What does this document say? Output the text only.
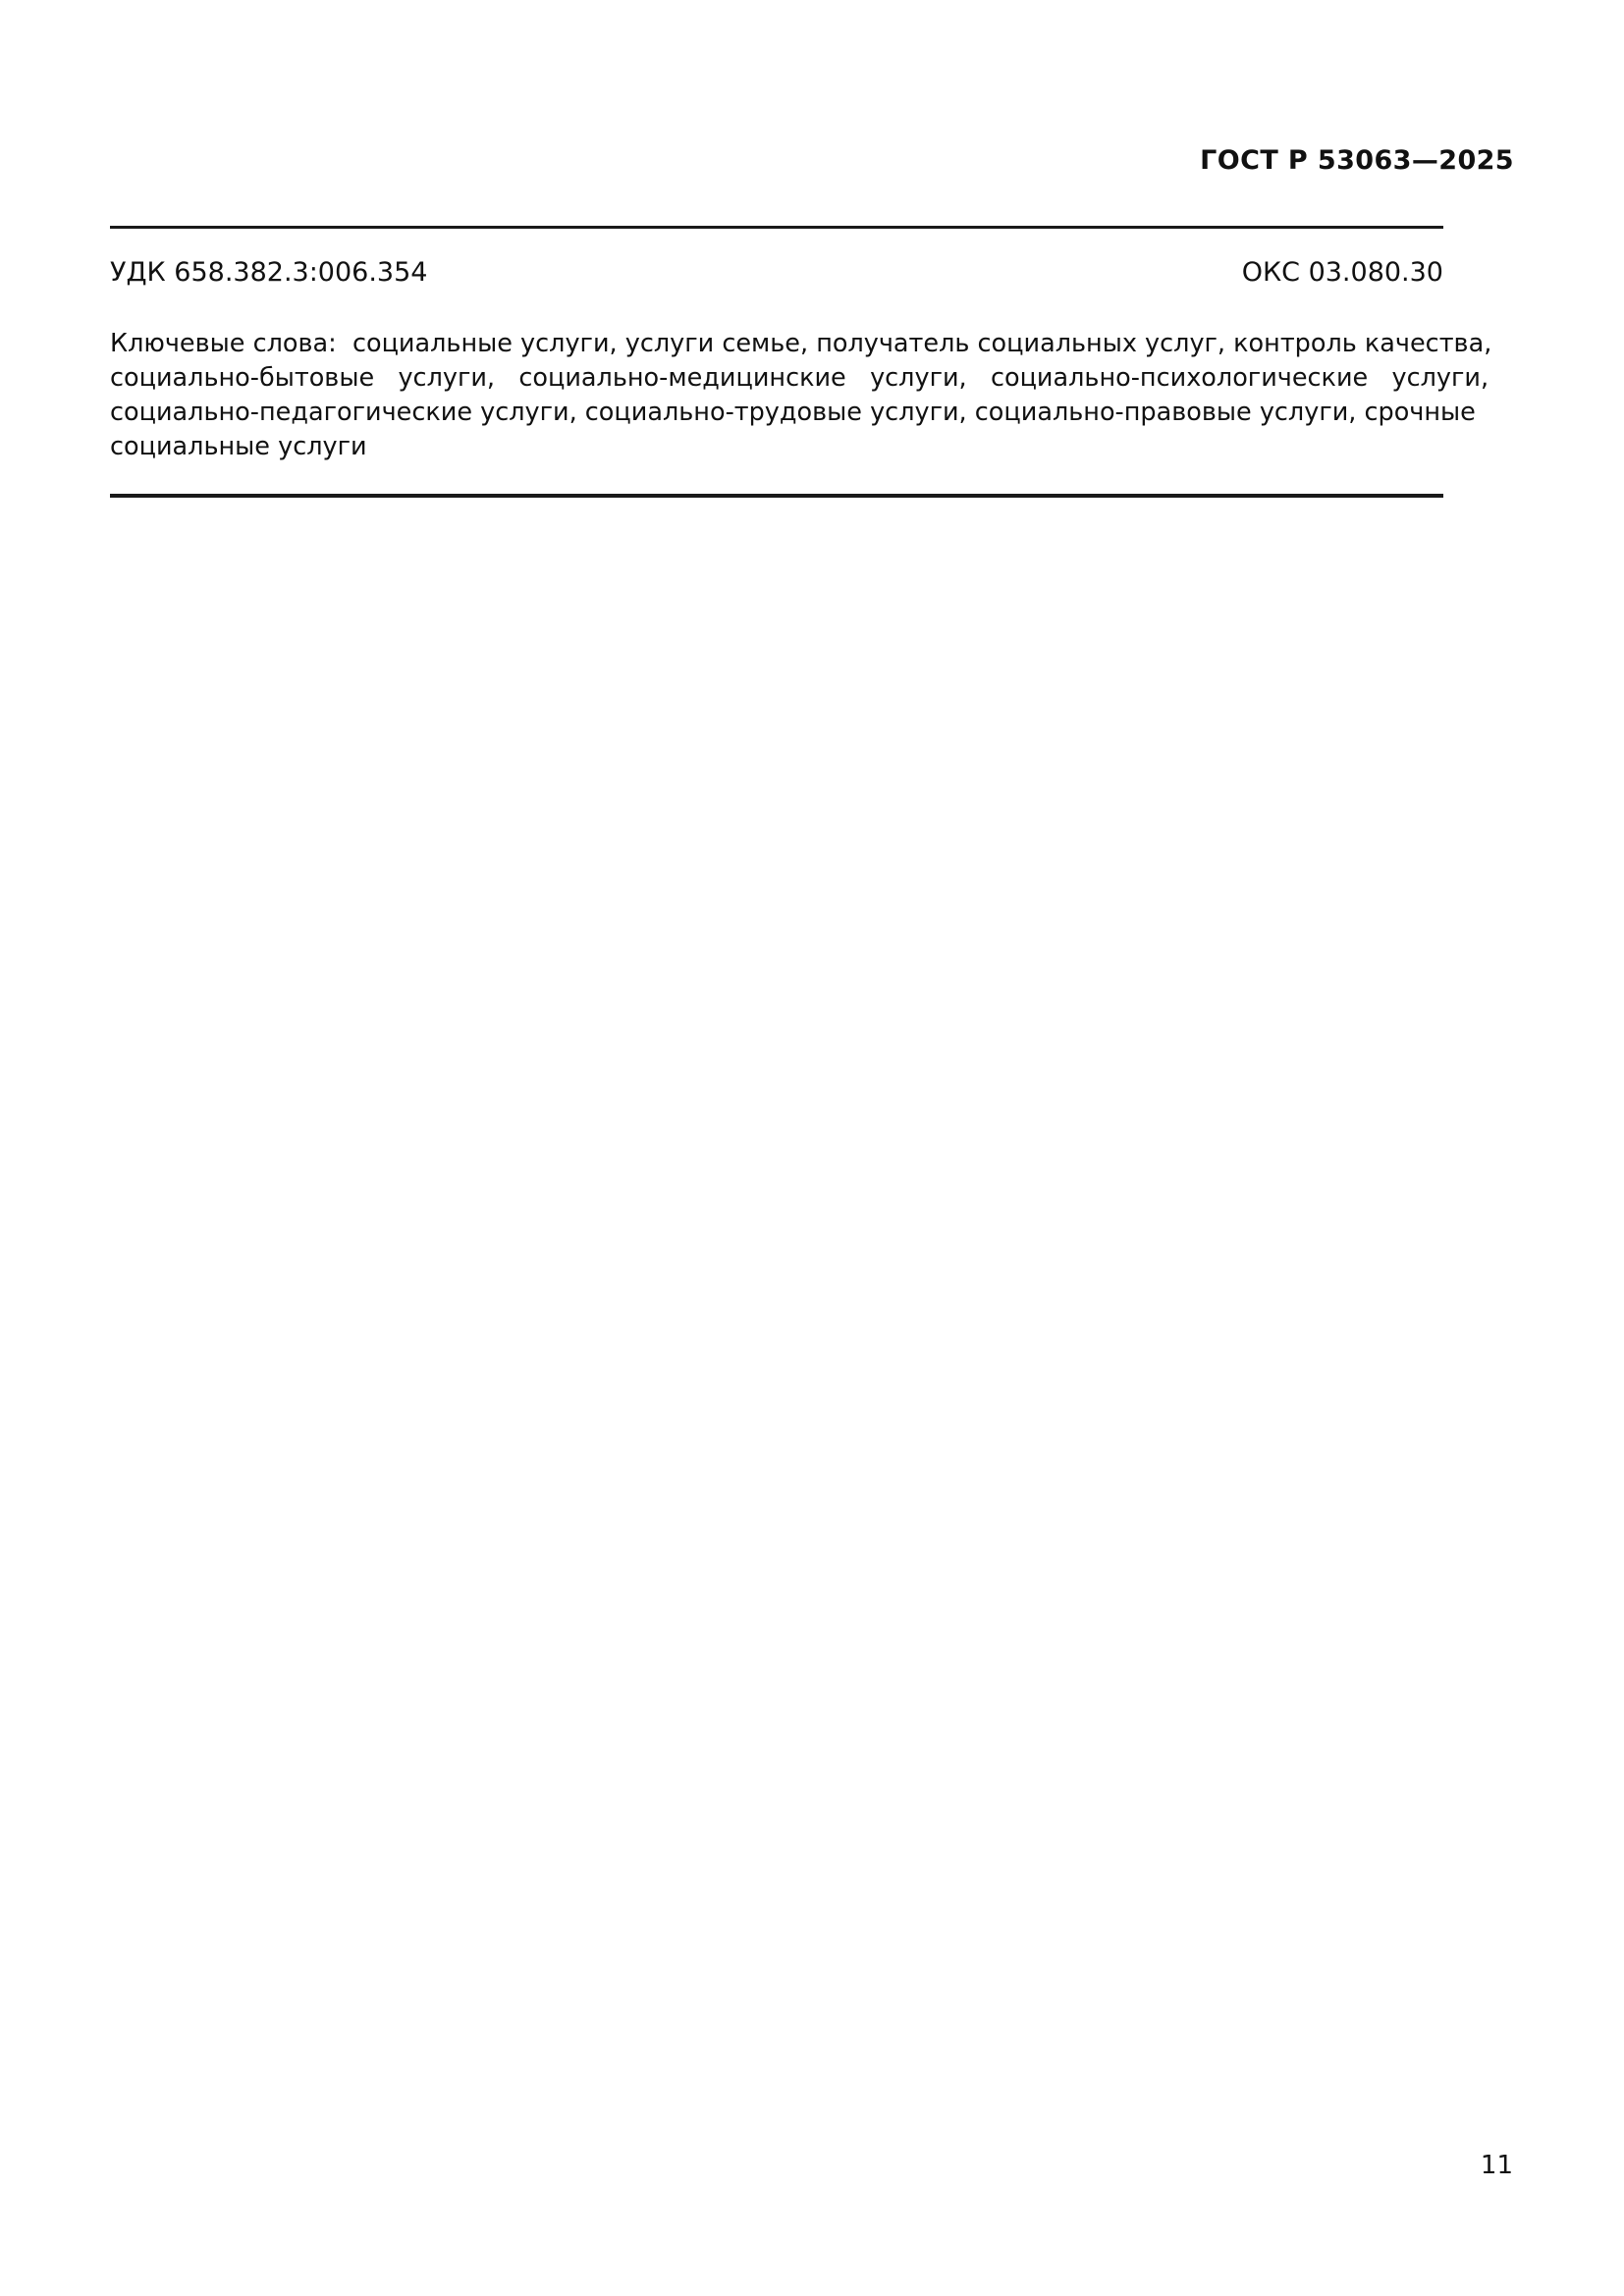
ГОСТ Р 53063—2025
УДК 658.382.3:006.354	ОКС 03.080.30
Ключевые слова:  социальные услуги, услуги семье, получатель социальных услуг, контроль качества,
социально-бытовые   услуги,   социально-медицинские   услуги,   социально-психологические   услуги,
социально-педагогические услуги, социально-трудовые услуги, социально-правовые услуги, срочные
социальные услуги
11
